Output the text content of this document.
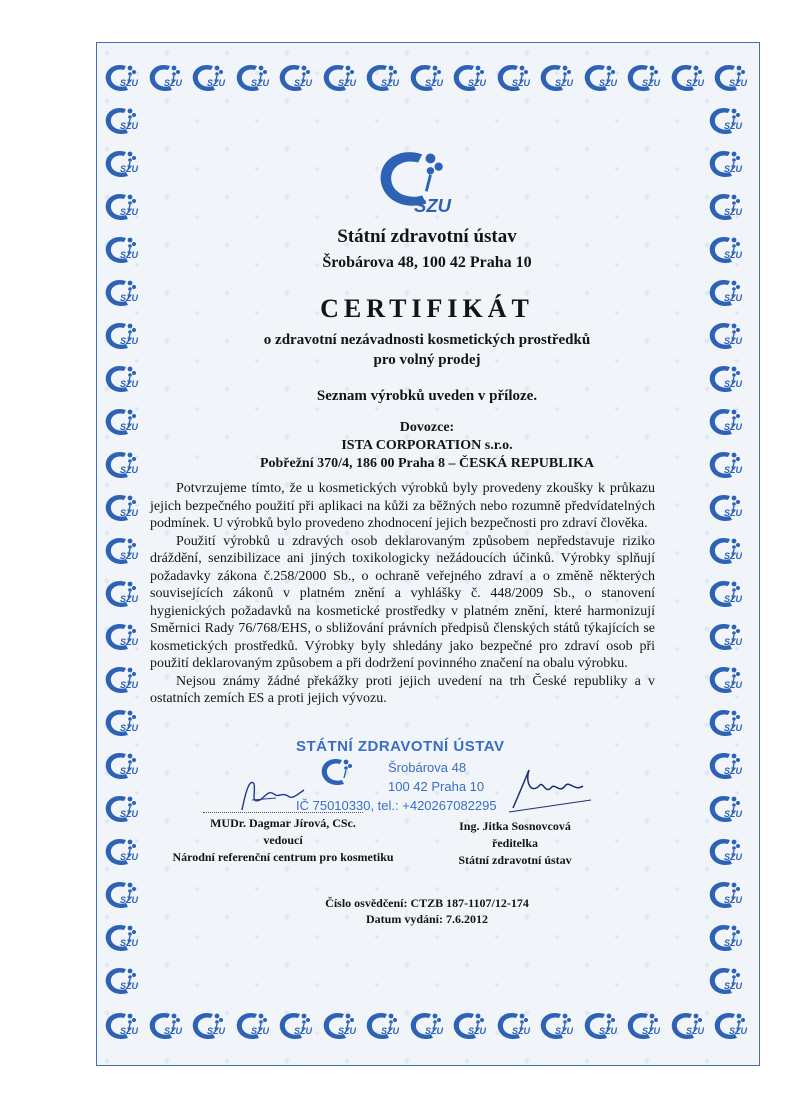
SZU
SZU
SZU
SZU
SZU
SZU
SZU
SZU
SZU
SZU
SZU
SZU
SZU
SZU
SZU
SZU
SZU
SZU
SZU
SZU
SZU
SZU
SZU
SZU
SZU
SZU
SZU
SZU
SZU
SZU
SZU	SZU
SZU	SZU
SZU	SZU
SZU	SZU
SZU	SZU
SZU	SZU
SZU	SZU
SZU	SZU
SZU	SZU
SZU	SZU
SZU	SZU
SZU	SZU
SZU	SZU
SZU	SZU
SZU	SZU
SZU	SZU
SZU	SZU
SZU	SZU
SZU	SZU
SZU	SZU
SZU	SZU
SZU
Státní zdravotní ústav
Šrobárova 48, 100 42 Praha 10
CERTIFIKÁT
o zdravotní nezávadnosti kosmetických prostředků
pro volný prodej
Seznam výrobků uveden v příloze.
Dovozce:
ISTA CORPORATION s.r.o.
Pobřežní 370/4, 186 00 Praha 8 – ČESKÁ REPUBLIKA

Potvrzujeme tímto, že u kosmetických výrobků byly provedeny zkoušky k průkazu jejich bezpečného použití při aplikaci na kůži za běžných nebo rozumně předvídatelných podmínek. U výrobků bylo provedeno zhodnocení jejich bezpečnosti pro zdraví člověka.

Použití výrobků u zdravých osob deklarovaným způsobem nepředstavuje riziko dráždění, senzibilizace ani jiných toxikologicky nežádoucích účinků. Výrobky splňují požadavky zákona č.258/2000 Sb., o ochraně veřejného zdraví a o změně některých souvisejících zákonů v platném znění a vyhlášky č. 448/2009 Sb., o stanovení hygienických požadavků na kosmetické prostředky v platném znění, které harmonizují Směrnici Rady 76/768/EHS, o sbližování právních předpisů členských států týkajících se kosmetických prostředků. Výrobky byly shledány jako bezpečné pro zdraví osob při použití deklarovaným způsobem a při dodržení povinného značení na obalu výrobku.

Nejsou známy žádné překážky proti jejich uvedení na trh České republiky a v ostatních zemích ES a proti jejich vývozu.

STÁTNÍ ZDRAVOTNÍ ÚSTAV
Šrobárova 48
100 42 Praha 10
IČ 75010330, tel.: +420267082295
MUDr. Dagmar Jírová, CSc.
vedoucí
Národní referenční centrum pro kosmetiku
Ing. Jitka Sosnovcová
ředitelka
Státní zdravotní ústav
Číslo osvědčení: CTZB 187-1107/12-174
Datum vydání: 7.6.2012
